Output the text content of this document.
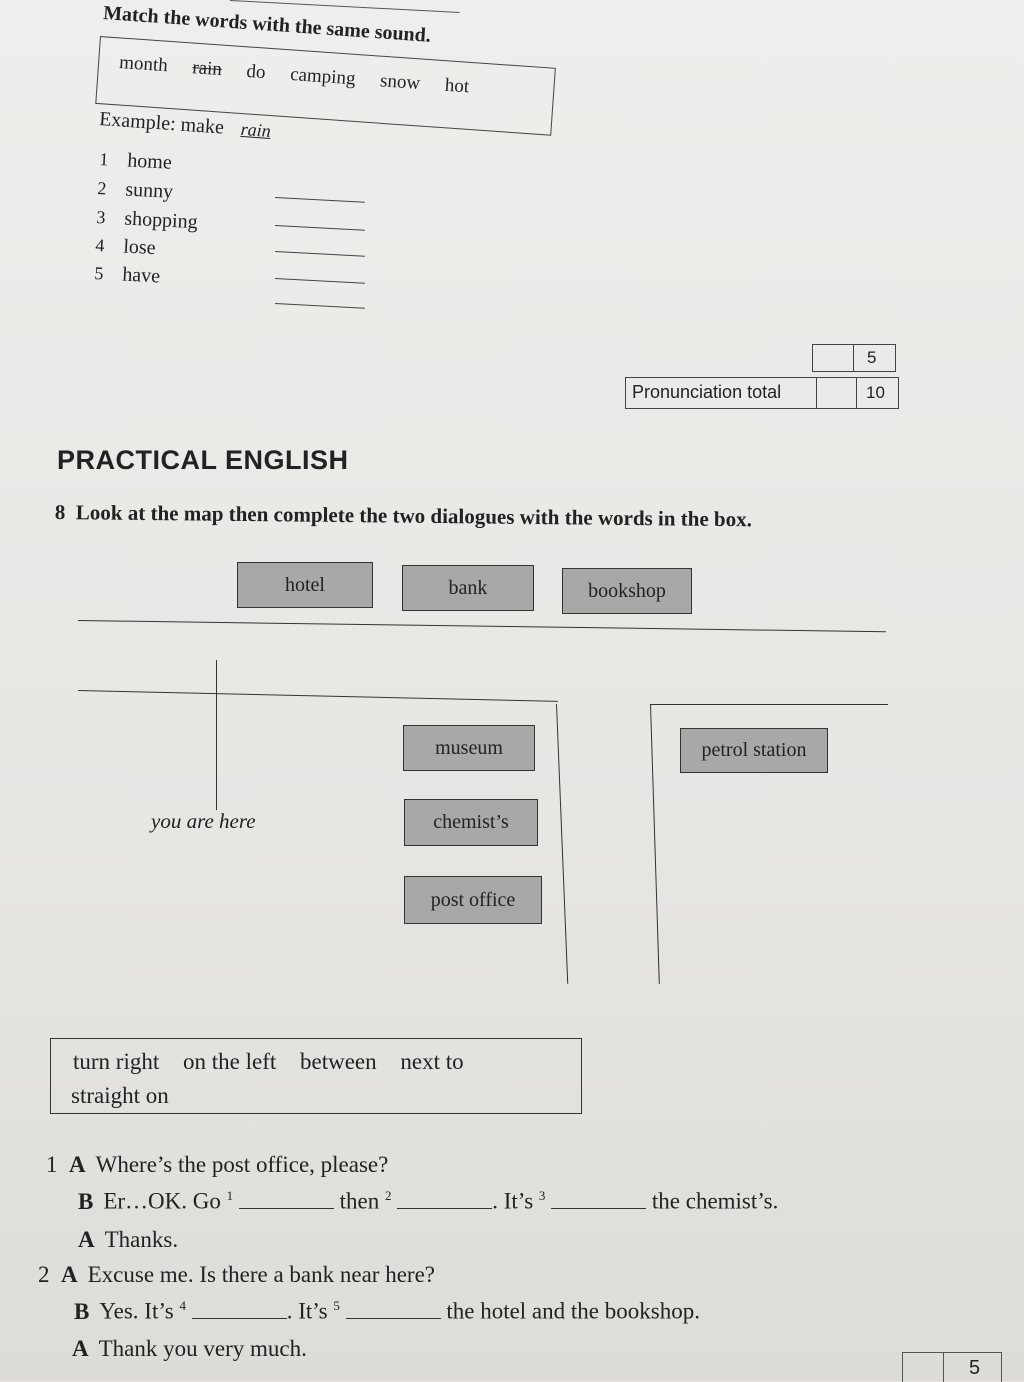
Match the words with the same sound.
month rain do camping snow hot
Example: make rain
1 home
2 sunny
3 shopping
4 lose
5 have
5
Pronunciation total	10
PRACTICAL ENGLISH
8 Look at the map then complete the two dialogues with the words in the box.
hotel	bank	bookshop
museum
chemist’s
post office
petrol station
you are here
turn right on the left between next to
straight on
1 A Where’s the post office, please?
B Er…OK. Go $^1$	then $^2$	. It’s $^3$	the chemist’s.
A Thanks.
2 A Excuse me. Is there a bank near here?
B Yes. It’s $^4$	. It’s $^5$	the hotel and the bookshop.
A Thank you very much.
5
